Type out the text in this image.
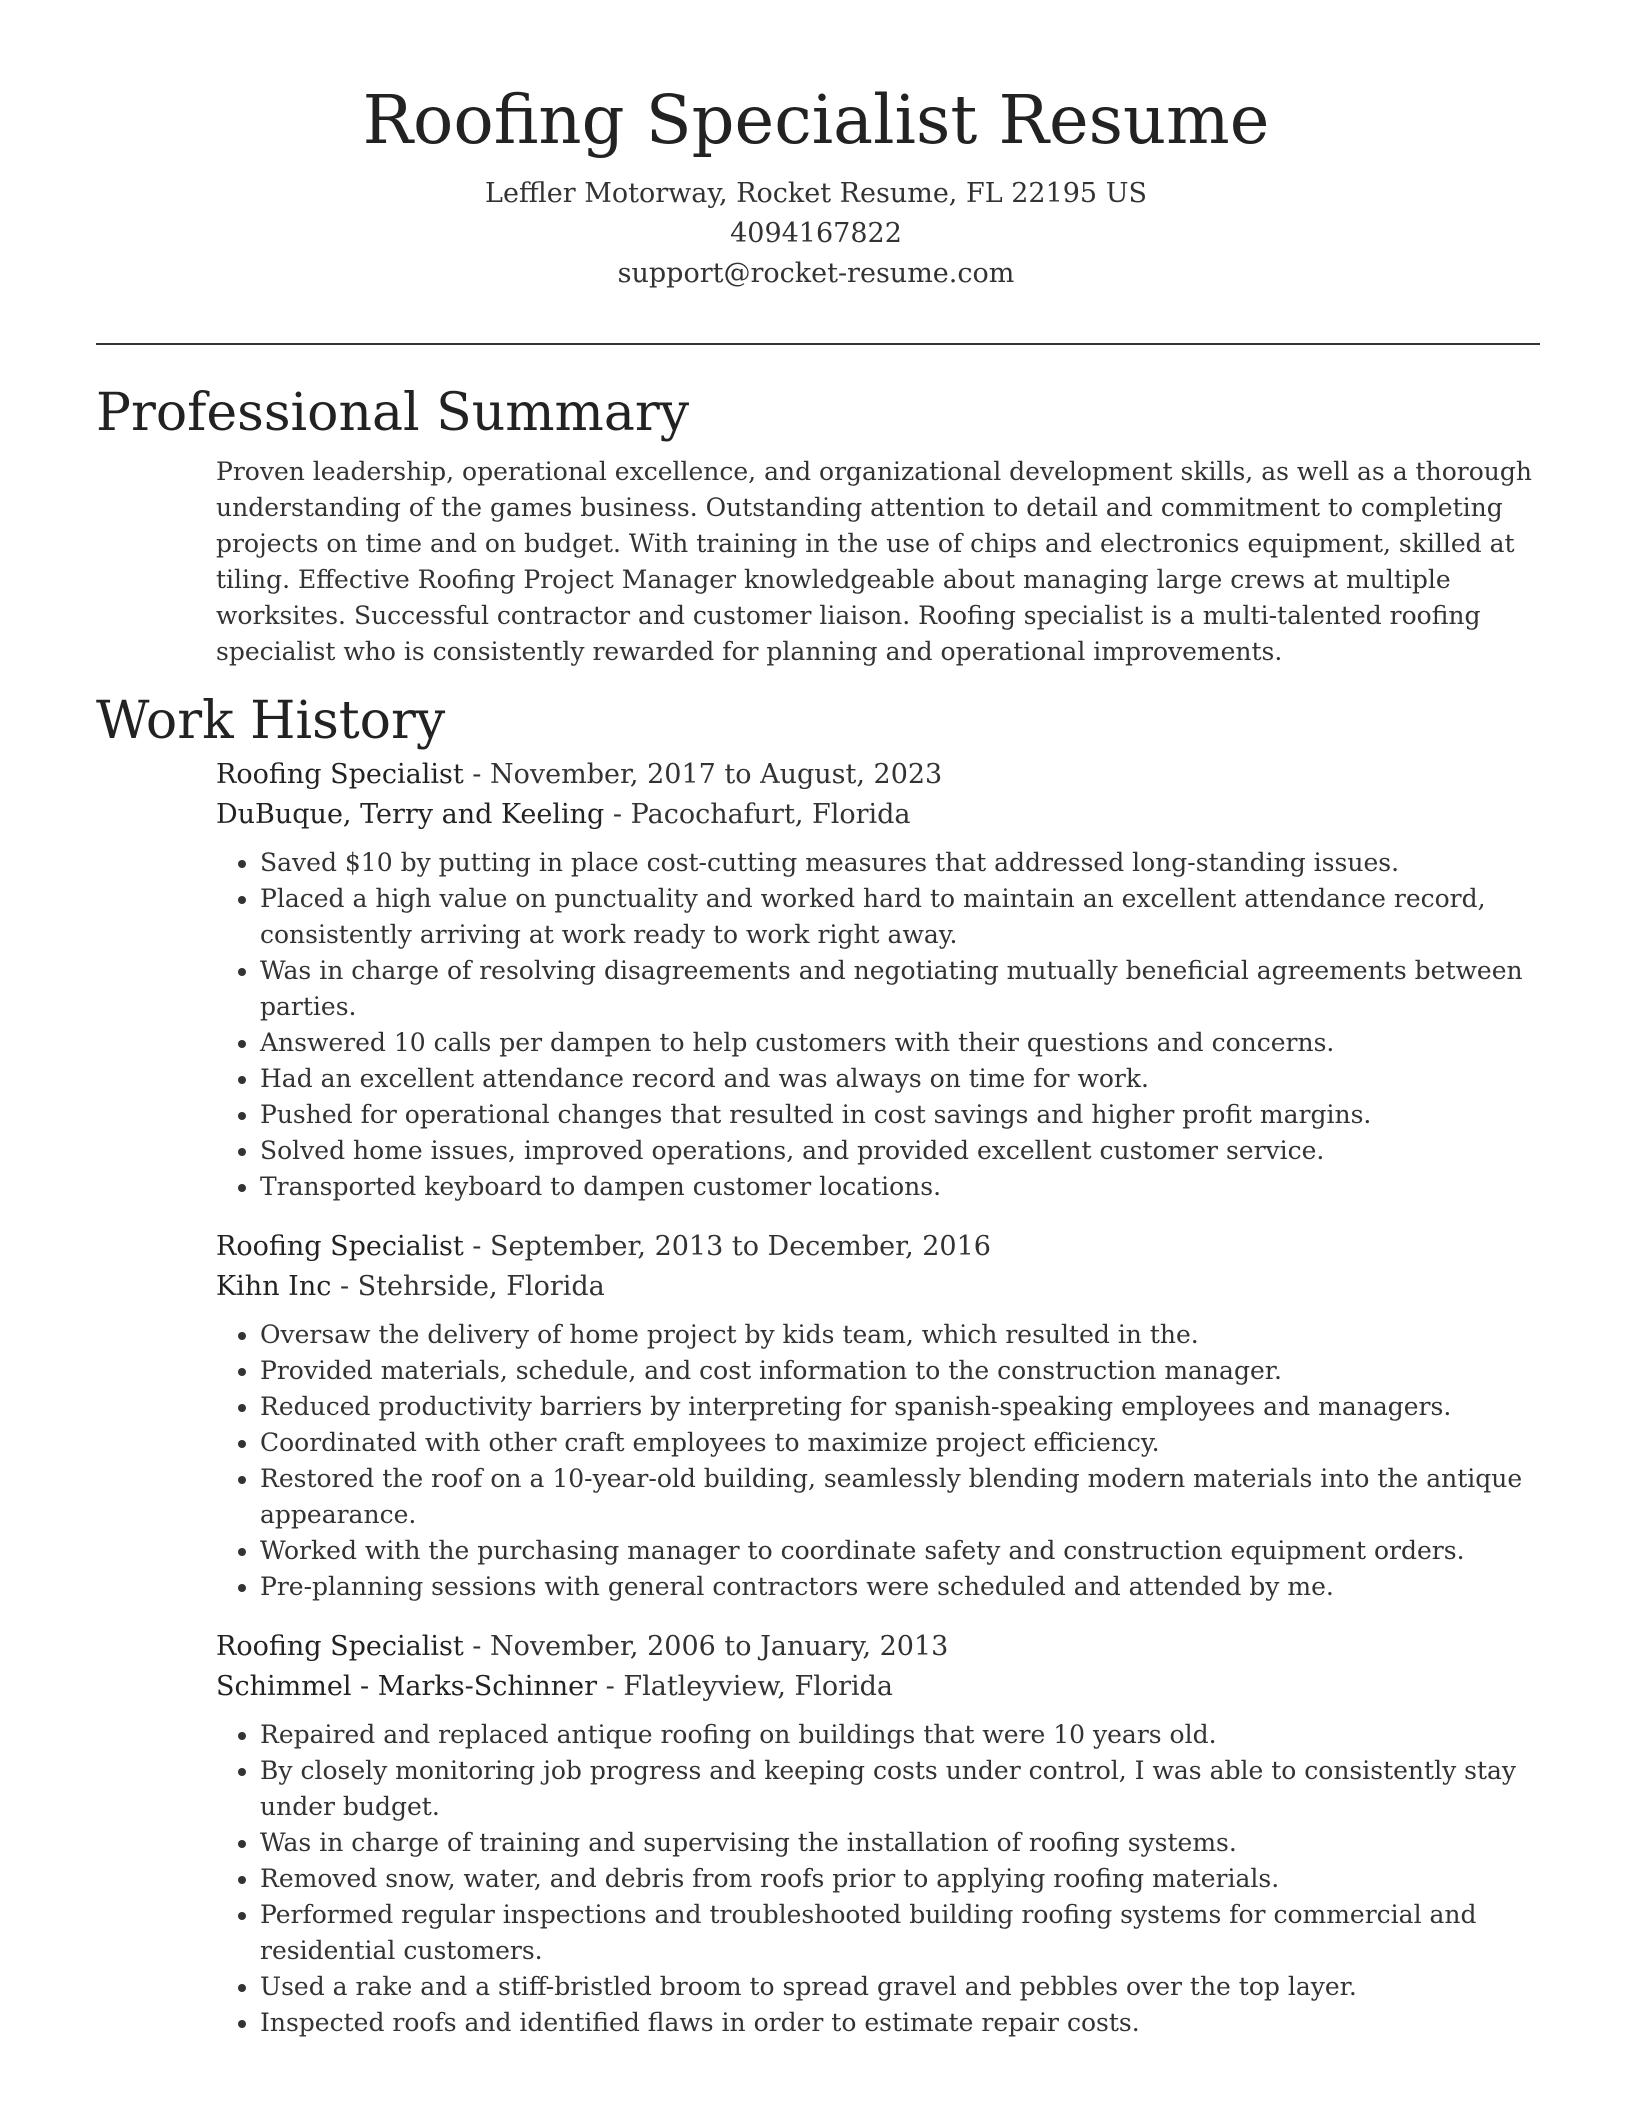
Roofing Specialist Resume
Leffler Motorway, Rocket Resume, FL 22195 US
4094167822
support@rocket-resume.com
Professional Summary

Proven leadership, operational excellence, and organizational development skills, as well as a thorough understanding of the games business. Outstanding attention to detail and commitment to completing projects on time and on budget. With training in the use of chips and electronics equipment, skilled at tiling. Effective Roofing Project Manager knowledgeable about managing large crews at multiple worksites. Successful contractor and customer liaison. Roofing specialist is a multi-talented roofing specialist who is consistently rewarded for planning and operational improvements.

Work History
Roofing Specialist - November, 2017 to August, 2023
DuBuque, Terry and Keeling - Pacochafurt, Florida
• Saved $10 by putting in place cost-cutting measures that addressed long-standing issues.
• Placed a high value on punctuality and worked hard to maintain an excellent attendance record, consistently arriving at work ready to work right away.
• Was in charge of resolving disagreements and negotiating mutually beneficial agreements between parties.
• Answered 10 calls per dampen to help customers with their questions and concerns.
• Had an excellent attendance record and was always on time for work.
• Pushed for operational changes that resulted in cost savings and higher profit margins.
• Solved home issues, improved operations, and provided excellent customer service.
• Transported keyboard to dampen customer locations.
Roofing Specialist - September, 2013 to December, 2016
Kihn Inc - Stehrside, Florida
• Oversaw the delivery of home project by kids team, which resulted in the.
• Provided materials, schedule, and cost information to the construction manager.
• Reduced productivity barriers by interpreting for spanish-speaking employees and managers.
• Coordinated with other craft employees to maximize project efficiency.
• Restored the roof on a 10-year-old building, seamlessly blending modern materials into the antique appearance.
• Worked with the purchasing manager to coordinate safety and construction equipment orders.
• Pre-planning sessions with general contractors were scheduled and attended by me.
Roofing Specialist - November, 2006 to January, 2013
Schimmel - Marks-Schinner - Flatleyview, Florida
• Repaired and replaced antique roofing on buildings that were 10 years old.
• By closely monitoring job progress and keeping costs under control, I was able to consistently stay under budget.
• Was in charge of training and supervising the installation of roofing systems.
• Removed snow, water, and debris from roofs prior to applying roofing materials.
• Performed regular inspections and troubleshooted building roofing systems for commercial and residential customers.
• Used a rake and a stiff-bristled broom to spread gravel and pebbles over the top layer.
• Inspected roofs and identified flaws in order to estimate repair costs.
